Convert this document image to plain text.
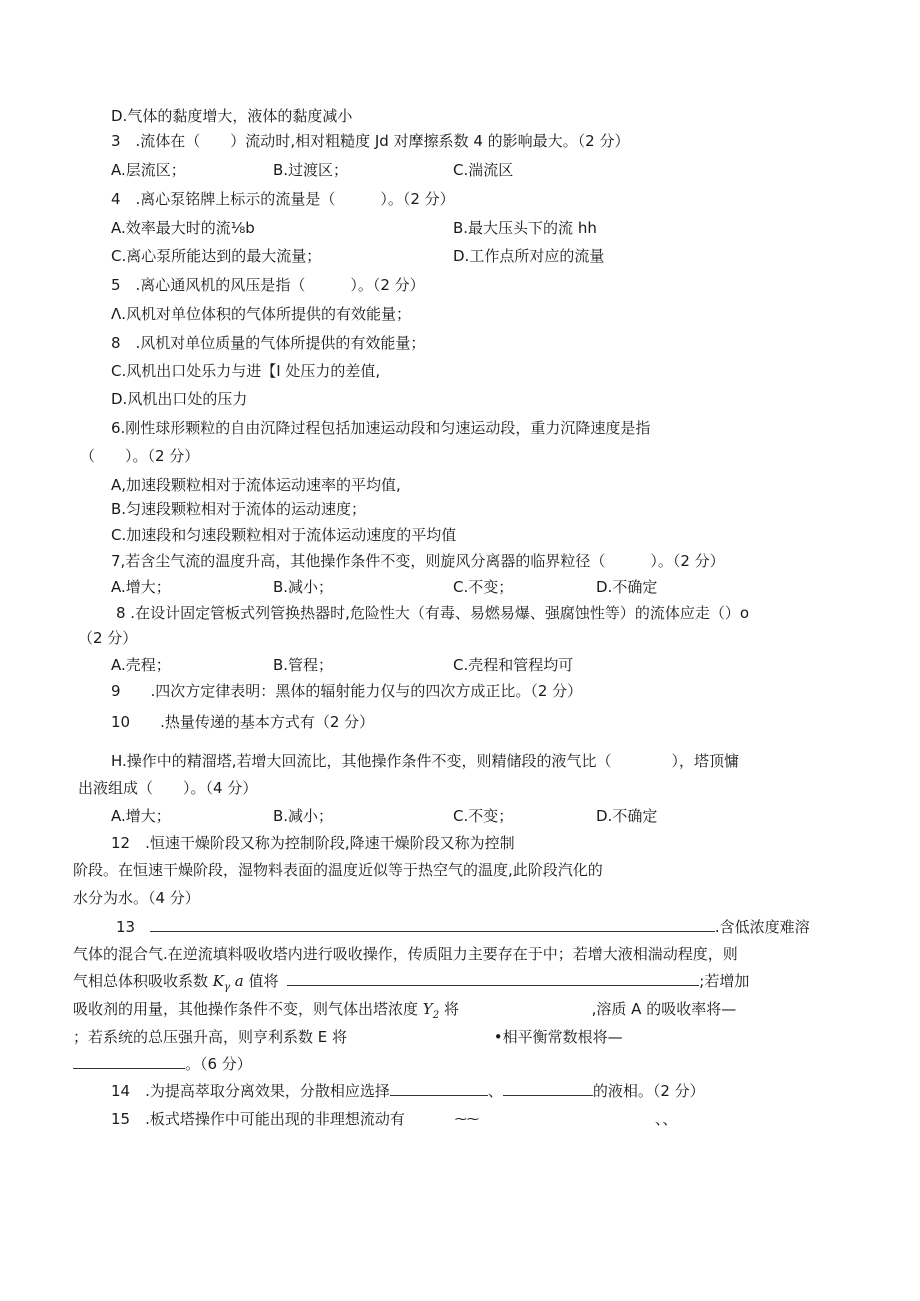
D.气体的黏度增大，液体的黏度减小
3　.流体在（　　）流动时,相对粗糙度 Jd 对摩擦系数 4 的影响最大。（2 分）
A.层流区；	B.过渡区；	C.湍流区
4　.离心泵铭牌上标示的流量是（　　　）。（2 分）
A.效率最大时的流⅛b	B.最大压头下的流 hh
C.离心泵所能达到的最大流量；	D.工作点所对应的流量
5　.离心通风机的风压是指（　　　）。（2 分）
Λ.风机对单位体积的气体所提供的有效能量；
8　.风机对单位质量的气体所提供的有效能量；
C.风机出口处乐力与进【I 处压力的差值,
D.风机出口处的压力
6.刚性球形颗粒的自由沉降过程包括加速运动段和匀速运动段，重力沉降速度是指
（　　）。（2 分）
A,加速段颗粒相对于流体运动速率的平均值,
B.匀速段颗粒相对于流体的运动速度；
C.加速段和匀速段颗粒相对于流体运动速度的平均值
7,若含尘气流的温度升高，其他操作条件不变，则旋风分离器的临界粒径（　　　）。（2 分）
A.增大；	B.减小；	C.不变；	D.不确定
8 .在设计固定管板式列管换热器时,危险性大（有毒、易燃易爆、强腐蚀性等）的流体应走（）o
（2 分）
A.壳程；	B.管程；	C.壳程和管程均可
9　　.四次方定律表明：黑体的辐射能力仅与的四次方成正比。（2 分）
10　　.热量传递的基本方式有（2 分）
H.操作中的精溜塔,若增大回流比，其他操作条件不变，则精储段的液气比（　　　　），塔顶慵
出液组成（　　）。（4 分）
A.增大；	B.减小；	C.不变；	D.不确定
12　.恒速干燥阶段又称为控制阶段,降速干燥阶段又称为控制
阶段。在恒速干燥阶段，湿物料表面的温度近似等于热空气的温度,此阶段汽化的
水分为水。（4 分）
13	.含低浓度难溶
气体的混合气.在逆流填料吸收塔内进行吸收操作，传质阻力主要存在于中；若增大液相湍动程度，则
气相总体积吸收系数 $K_\gamma$ a 值将	;若增加
吸收剂的用量，其他操作条件不变，则气体出塔浓度 $Y_2$ 将	,溶质 A 的吸收率将—
；若系统的总压强升高，则亨利系数 E 将	•相平衡常数根将—
。（6 分）
14　.为提高萃取分离效果，分散相应选择	、	的液相。（2 分）
15　.板式塔操作中可能出现的非理想流动有	⁓⁓	、、
